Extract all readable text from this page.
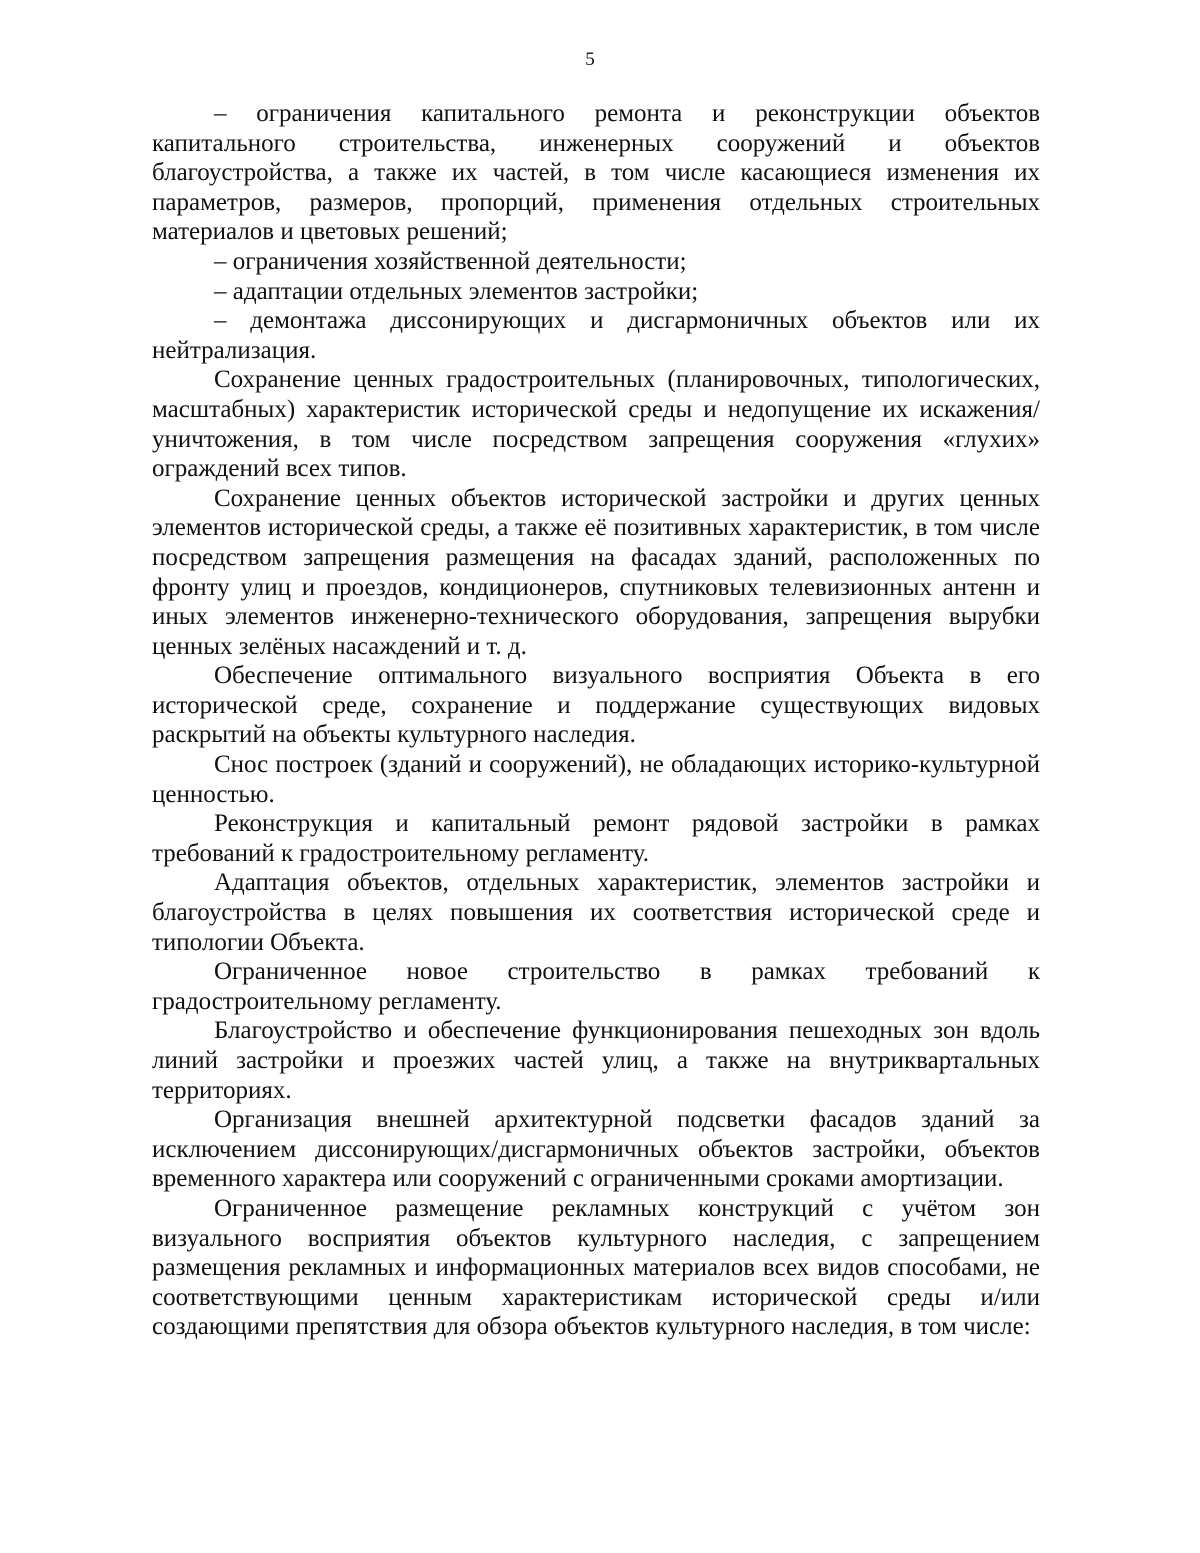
5

– ограничения капитального ремонта и реконструкции объектов капитального строительства, инженерных сооружений и объектов благоустройства, а также их частей, в том числе касающиеся изменения их параметров, размеров, пропорций, применения отдельных строительных материалов и цветовых решений;

– ограничения хозяйственной деятельности;

– адаптации отдельных элементов застройки;

– демонтажа диссонирующих и дисгармоничных объектов или их нейтрализация.

Сохранение ценных градостроительных (планировочных, типологических, масштабных) характеристик исторической среды и недопущение их искажения/уничтожения, в том числе посредством запрещения сооружения «глухих» ограждений всех типов.

Сохранение ценных объектов исторической застройки и других ценных элементов исторической среды, а также её позитивных характеристик, в том числе посредством запрещения размещения на фасадах зданий, расположенных по фронту улиц и проездов, кондиционеров, спутниковых телевизионных антенн и иных элементов инженерно-технического оборудования, запрещения вырубки ценных зелёных насаждений и т. д.

Обеспечение оптимального визуального восприятия Объекта в его исторической среде, сохранение и поддержание существующих видовых раскрытий на объекты культурного наследия.

Снос построек (зданий и сооружений), не обладающих историко-культурной ценностью.

Реконструкция и капитальный ремонт рядовой застройки в рамках требований к градостроительному регламенту.

Адаптация объектов, отдельных характеристик, элементов застройки и благоустройства в целях повышения их соответствия исторической среде и типологии Объекта.

Ограниченное новое строительство в рамках требований к градостроительному регламенту.

Благоустройство и обеспечение функционирования пешеходных зон вдоль линий застройки и проезжих частей улиц, а также на внутриквартальных территориях.

Организация внешней архитектурной подсветки фасадов зданий за исключением диссонирующих/дисгармоничных объектов застройки, объектов временного характера или сооружений с ограниченными сроками амортизации.

Ограниченное размещение рекламных конструкций с учётом зон визуального восприятия объектов культурного наследия, с запрещением размещения рекламных и информационных материалов всех видов способами, не соответствующими ценным характеристикам исторической среды и/или создающими препятствия для обзора объектов культурного наследия, в том числе:
